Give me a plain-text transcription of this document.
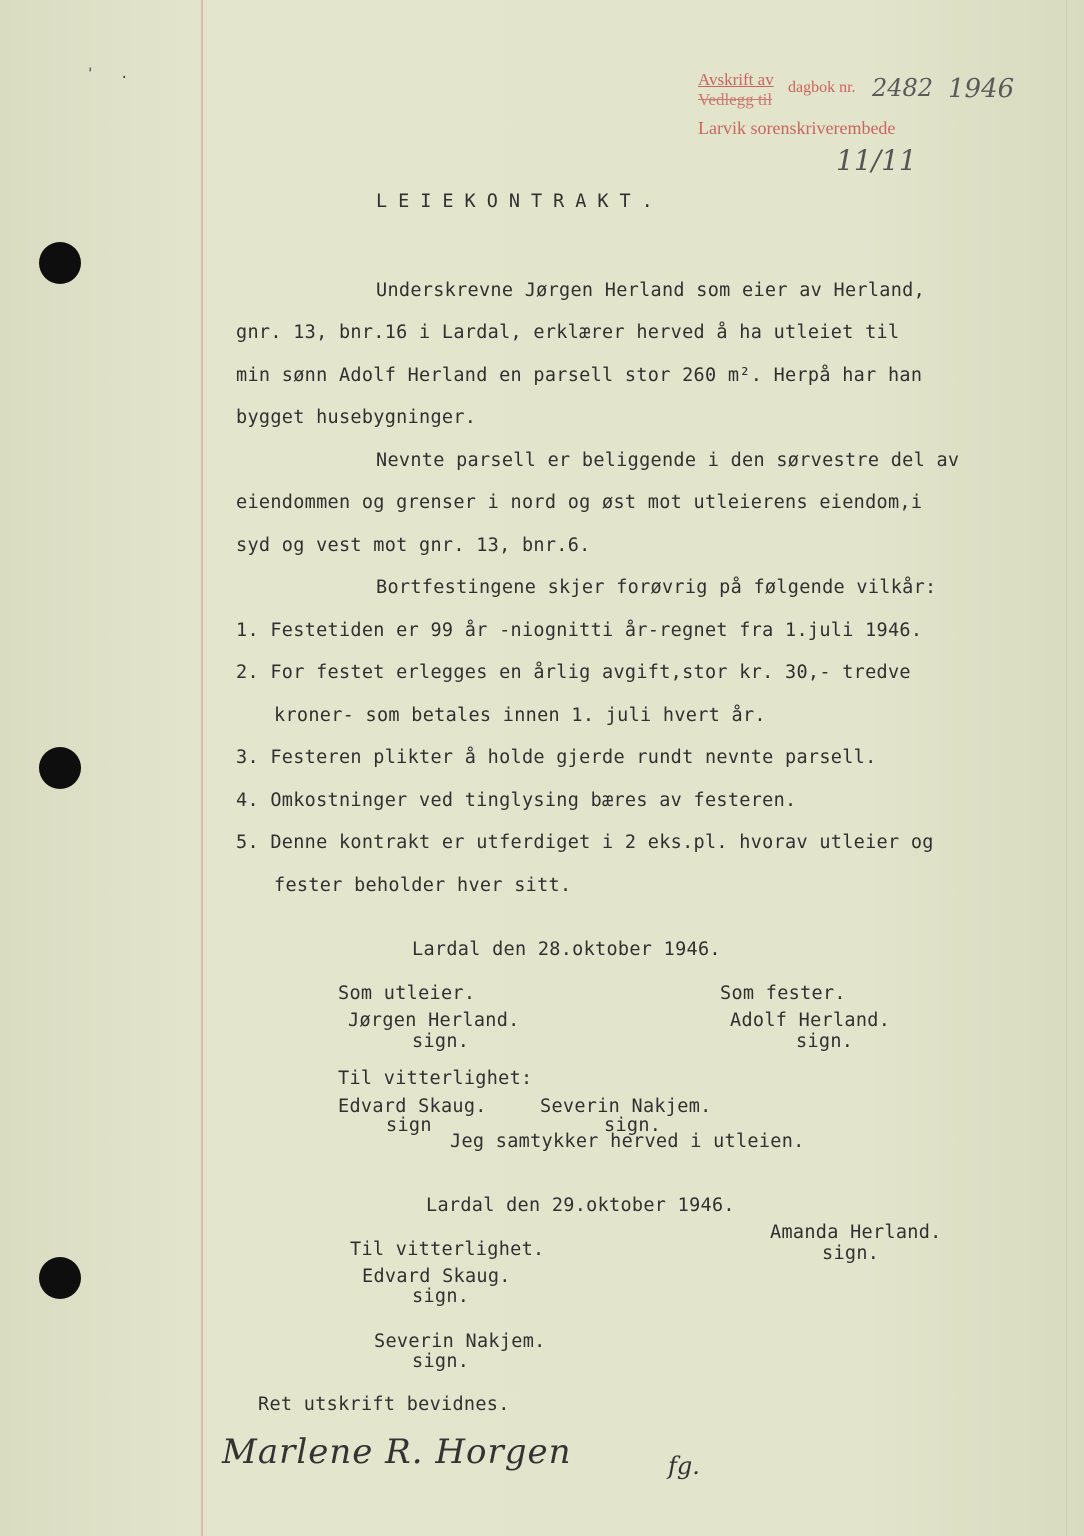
' ·	Avskrift av dagbok nr.
Vedlegg til
Larvik sorenskriverembede
2482 1946
11/11
LEIEKONTRAKT.
Underskrevne Jørgen Herland som eier av Herland,
gnr. 13, bnr.16 i Lardal, erklærer herved å ha utleiet til
min sønn Adolf Herland en parsell stor 260 m². Herpå har han
bygget husebygninger.
Nevnte parsell er beliggende i den sørvestre del av
eiendommen og grenser i nord og øst mot utleierens eiendom,i
syd og vest mot gnr. 13, bnr.6.
Bortfestingene skjer forøvrig på følgende vilkår:
1. Festetiden er 99 år -niognitti år-regnet fra 1.juli 1946.
2. For festet erlegges en årlig avgift,stor kr. 30,- tredve
kroner- som betales innen 1. juli hvert år.
3. Festeren plikter å holde gjerde rundt nevnte parsell.
4. Omkostninger ved tinglysing bæres av festeren.
5. Denne kontrakt er utferdiget i 2 eks.pl. hvorav utleier og
fester beholder hver sitt.
Lardal den 28.oktober 1946.
Som utleier.
Jørgen Herland.
sign.
Som fester.
Adolf Herland.
sign.
Til vitterlighet:
Edvard Skaug.
sign
Severin Nakjem.
sign.
Jeg samtykker herved i utleien.
Lardal den 29.oktober 1946.
Amanda Herland.
sign.
Til vitterlighet.
Edvard Skaug.
sign.
Severin Nakjem.
sign.
Ret utskrift bevidnes.
Marlene R. Horgen	fg.
